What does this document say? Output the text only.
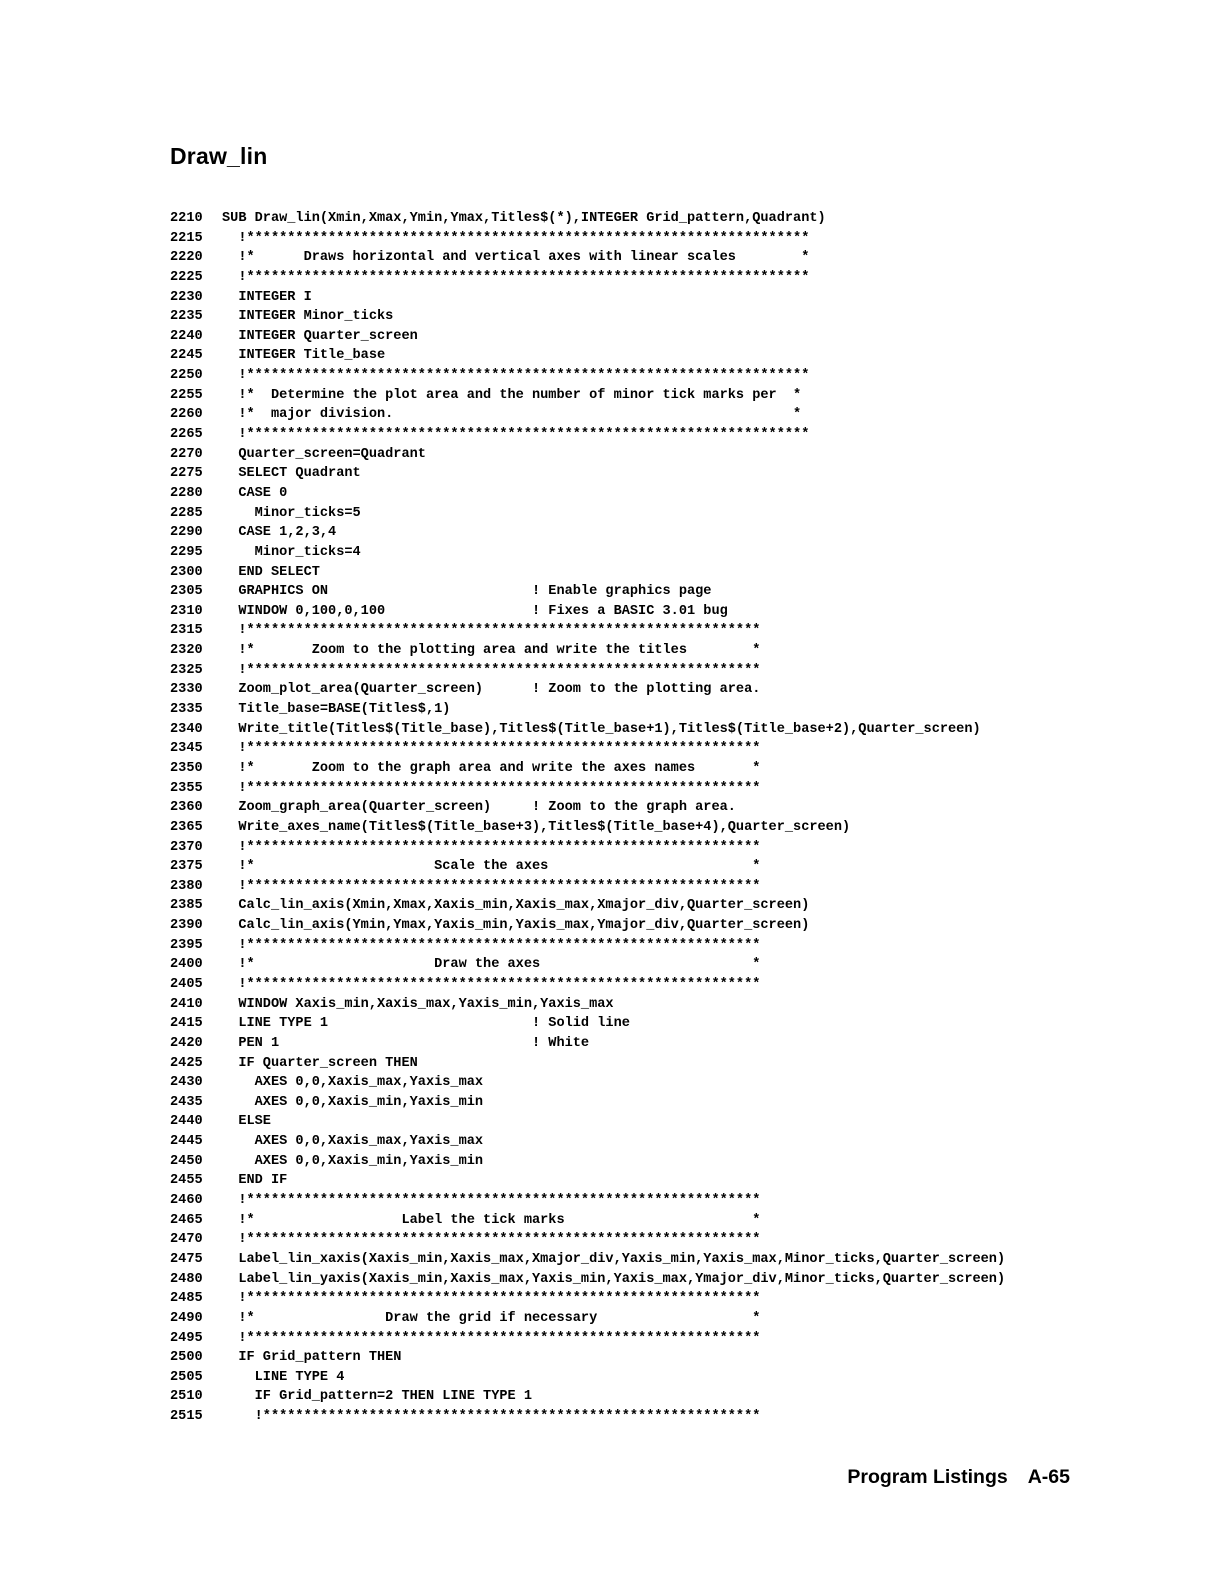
Draw_lin
2210 SUB Draw_lin(Xmin,Xmax,Ymin,Ymax,Titles$(*),INTEGER Grid_pattern,Quadrant)
2215  !*********************************************************************
2220  !*      Draws horizontal and vertical axes with linear scales        *
2225  !*********************************************************************
2230  INTEGER I
2235  INTEGER Minor_ticks
2240  INTEGER Quarter_screen
2245  INTEGER Title_base
2250  !*********************************************************************
2255  !*  Determine the plot area and the number of minor tick marks per  *
2260  !*  major division.                                                 *
2265  !*********************************************************************
2270  Quarter_screen=Quadrant
2275  SELECT Quadrant
2280  CASE 0
2285    Minor_ticks=5
2290  CASE 1,2,3,4
2295    Minor_ticks=4
2300  END SELECT
2305  GRAPHICS ON                         ! Enable graphics page
2310  WINDOW 0,100,0,100                  ! Fixes a BASIC 3.01 bug
2315  !***************************************************************
2320  !*       Zoom to the plotting area and write the titles        *
2325  !***************************************************************
2330  Zoom_plot_area(Quarter_screen)      ! Zoom to the plotting area.
2335  Title_base=BASE(Titles$,1)
2340  Write_title(Titles$(Title_base),Titles$(Title_base+1),Titles$(Title_base+2),Quarter_screen)
2345  !***************************************************************
2350  !*       Zoom to the graph area and write the axes names       *
2355  !***************************************************************
2360  Zoom_graph_area(Quarter_screen)     ! Zoom to the graph area.
2365  Write_axes_name(Titles$(Title_base+3),Titles$(Title_base+4),Quarter_screen)
2370  !***************************************************************
2375  !*                      Scale the axes                         *
2380  !***************************************************************
2385  Calc_lin_axis(Xmin,Xmax,Xaxis_min,Xaxis_max,Xmajor_div,Quarter_screen)
2390  Calc_lin_axis(Ymin,Ymax,Yaxis_min,Yaxis_max,Ymajor_div,Quarter_screen)
2395  !***************************************************************
2400  !*                      Draw the axes                          *
2405  !***************************************************************
2410  WINDOW Xaxis_min,Xaxis_max,Yaxis_min,Yaxis_max
2415  LINE TYPE 1                         ! Solid line
2420  PEN 1                               ! White
2425  IF Quarter_screen THEN
2430    AXES 0,0,Xaxis_max,Yaxis_max
2435    AXES 0,0,Xaxis_min,Yaxis_min
2440  ELSE
2445    AXES 0,0,Xaxis_max,Yaxis_max
2450    AXES 0,0,Xaxis_min,Yaxis_min
2455  END IF
2460  !***************************************************************
2465  !*                  Label the tick marks                       *
2470  !***************************************************************
2475  Label_lin_xaxis(Xaxis_min,Xaxis_max,Xmajor_div,Yaxis_min,Yaxis_max,Minor_ticks,Quarter_screen)
2480  Label_lin_yaxis(Xaxis_min,Xaxis_max,Yaxis_min,Yaxis_max,Ymajor_div,Minor_ticks,Quarter_screen)
2485  !***************************************************************
2490  !*                Draw the grid if necessary                   *
2495  !***************************************************************
2500  IF Grid_pattern THEN
2505    LINE TYPE 4
2510    IF Grid_pattern=2 THEN LINE TYPE 1
2515    !*************************************************************
Program Listings A-65
